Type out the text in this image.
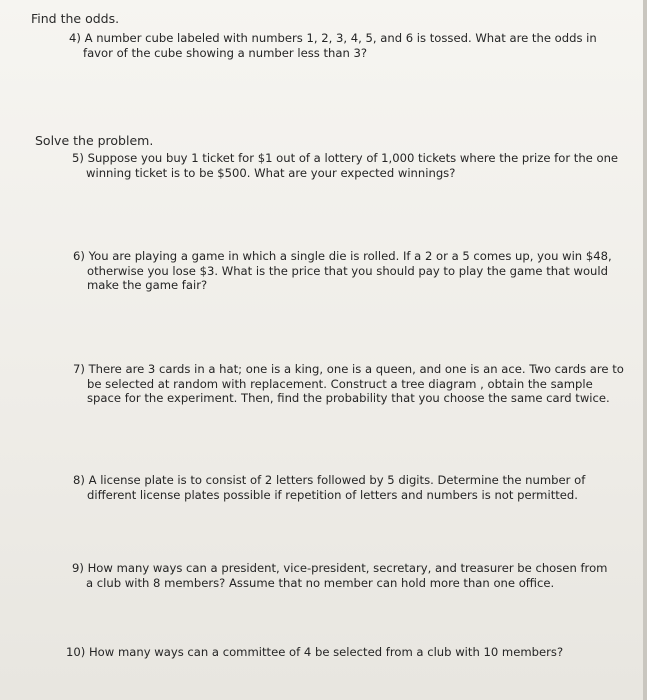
Find the odds.
4) A number cube labeled with numbers 1, 2, 3, 4, 5, and 6 is tossed. What are the odds in
favor of the cube showing a number less than 3?
Solve the problem.
5) Suppose you buy 1 ticket for $1 out of a lottery of 1,000 tickets where the prize for the one
winning ticket is to be $500. What are your expected winnings?
6) You are playing a game in which a single die is rolled. If a 2 or a 5 comes up, you win $48,
otherwise you lose $3. What is the price that you should pay to play the game that would
make the game fair?
7) There are 3 cards in a hat; one is a king, one is a queen, and one is an ace. Two cards are to
be selected at random with replacement. Construct a tree diagram , obtain the sample
space for the experiment. Then, find the probability that you choose the same card twice.
8) A license plate is to consist of 2 letters followed by 5 digits. Determine the number of
different license plates possible if repetition of letters and numbers is not permitted.
9) How many ways can a president, vice-president, secretary, and treasurer be chosen from
a club with 8 members? Assume that no member can hold more than one office.
10) How many ways can a committee of 4 be selected from a club with 10 members?
